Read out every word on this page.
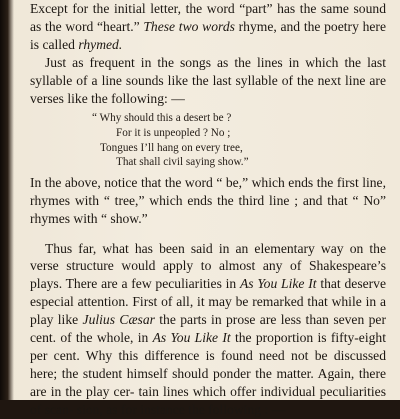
Except for the initial letter, the word “part” has the same sound as the word “heart.” These two words rhyme, and the poetry here is called rhymed.

Just as frequent in the songs as the lines in which the last syllable of a line sounds like the last syllable of the next line are verses like the following: —

“ Why should this a desert be ?
For it is unpeopled ? No ;
Tongues I’ll hang on every tree,
That shall civil saying show.”

In the above, notice that the word “ be,” which ends the first line, rhymes with “ tree,” which ends the third line ; and that “ No” rhymes with “ show.”

Thus far, what has been said in an elementary way on the verse structure would apply to almost any of Shakespeare’s plays. There are a few peculiarities in As You Like It that deserve especial attention. First of all, it may be remarked that while in a play like Julius Cæsar the parts in prose are less than seven per cent. of the whole, in As You Like It the proportion is fifty-eight per cent. Why this difference is found need not be discussed here; the student himself should ponder the matter. Again, there are in the play cer- tain lines which offer individual peculiarities of scan- sion, as for instance the following : —
